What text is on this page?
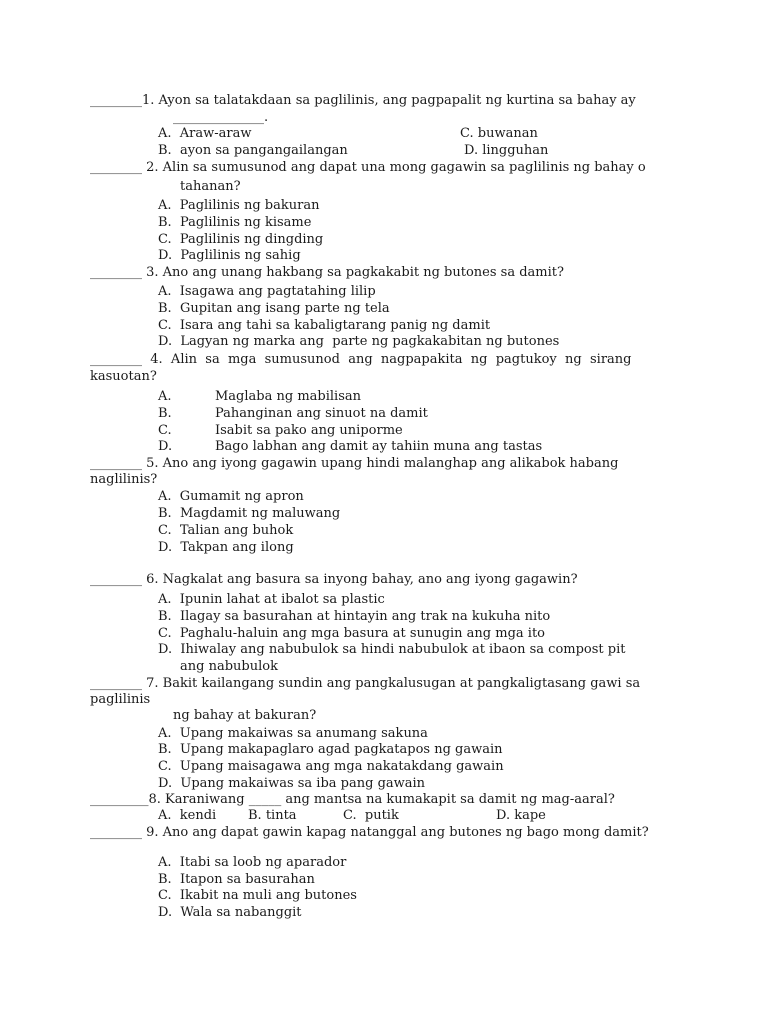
________1. Ayon sa talatakdaan sa paglilinis, ang pagpapalit ng kurtina sa bahay ay
______________.
A.  Araw-araw	C. buwanan
B.  ayon sa pangangailangan	D. lingguhan
________ 2. Alin sa sumusunod ang dapat una mong gagawin sa paglilinis ng bahay o
tahanan?
A.  Paglilinis ng bakuran
B.  Paglilinis ng kisame
C.  Paglilinis ng dingding
D.  Paglilinis ng sahig
________ 3. Ano ang unang hakbang sa pagkakabit ng butones sa damit?
A.  Isagawa ang pagtatahing lilip
B.  Gupitan ang isang parte ng tela
C.  Isara ang tahi sa kabaligtarang panig ng damit
D.  Lagyan ng marka ang  parte ng pagkakabitan ng butones
________  4.  Alin  sa  mga  sumusunod  ang  nagpapakita  ng  pagtukoy  ng  sirang
kasuotan?
A.	Maglaba ng mabilisan
B.	Pahanginan ang sinuot na damit
C.	Isabit sa pako ang uniporme
D.	Bago labhan ang damit ay tahiin muna ang tastas
________ 5. Ano ang iyong gagawin upang hindi malanghap ang alikabok habang
naglilinis?
A.  Gumamit ng apron
B.  Magdamit ng maluwang
C.  Talian ang buhok
D.  Takpan ang ilong
________ 6. Nagkalat ang basura sa inyong bahay, ano ang iyong gagawin?
A.  Ipunin lahat at ibalot sa plastic
B.  Ilagay sa basurahan at hintayin ang trak na kukuha nito
C.  Paghalu-haluin ang mga basura at sunugin ang mga ito
D.  Ihiwalay ang nabubulok sa hindi nabubulok at ibaon sa compost pit
ang nabubulok
________ 7. Bakit kailangang sundin ang pangkalusugan at pangkaligtasang gawi sa
paglilinis
ng bahay at bakuran?
A.  Upang makaiwas sa anumang sakuna
B.  Upang makapaglaro agad pagkatapos ng gawain
C.  Upang maisagawa ang mga nakatakdang gawain
D.  Upang makaiwas sa iba pang gawain
_________8. Karaniwang _____ ang mantsa na kumakapit sa damit ng mag-aaral?
A.  kendi B. tinta	C.  putik	D. kape
________ 9. Ano ang dapat gawin kapag natanggal ang butones ng bago mong damit?
A.  Itabi sa loob ng aparador
B.  Itapon sa basurahan
C.  Ikabit na muli ang butones
D.  Wala sa nabanggit
